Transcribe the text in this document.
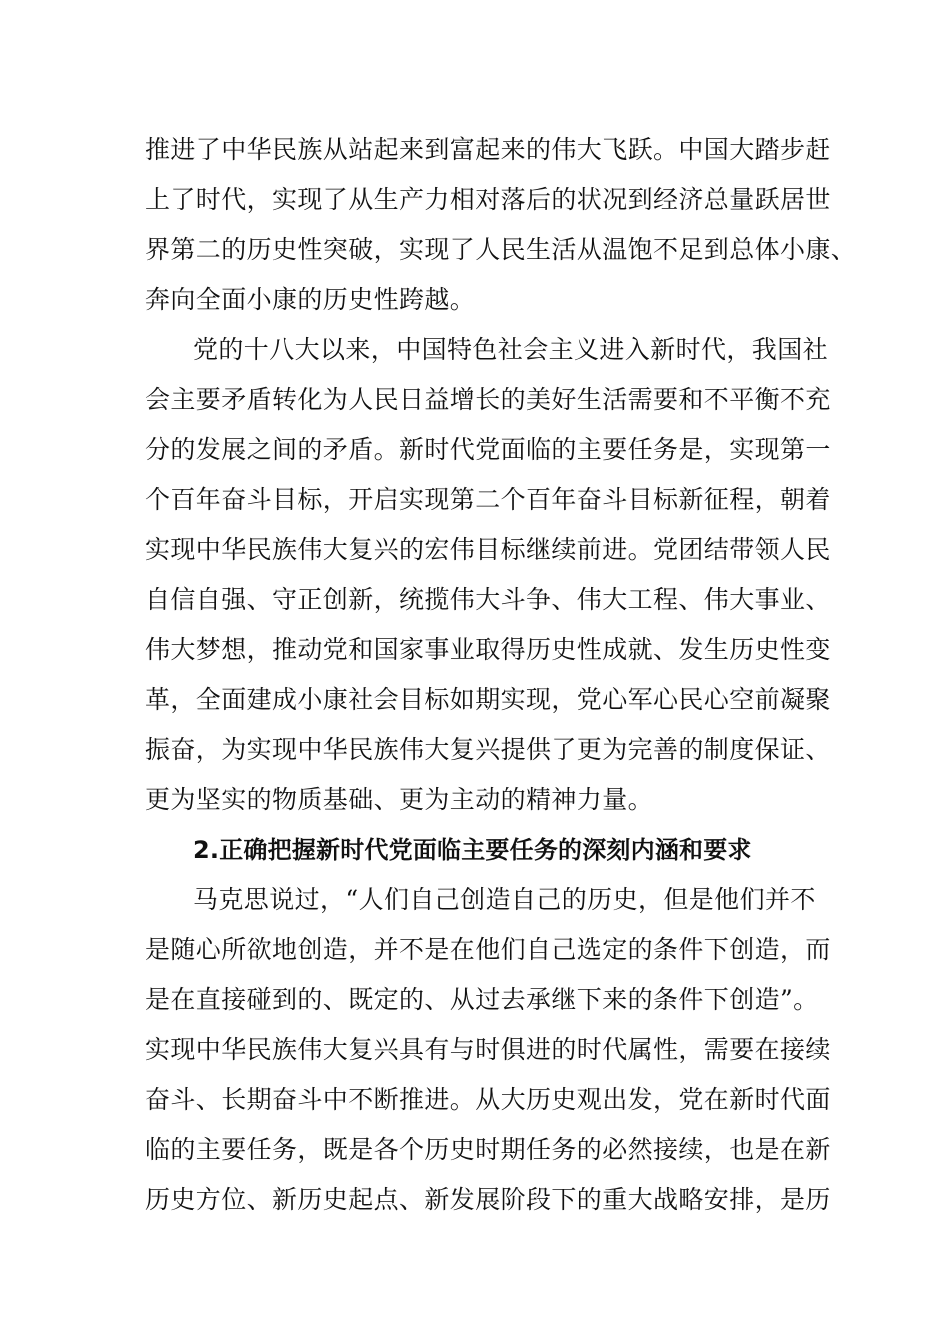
推进了中华民族从站起来到富起来的伟大飞跃。中国大踏步赶
上了时代，实现了从生产力相对落后的状况到经济总量跃居世
界第二的历史性突破，实现了人民生活从温饱不足到总体小康、
奔向全面小康的历史性跨越。
党的十八大以来，中国特色社会主义进入新时代，我国社
会主要矛盾转化为人民日益增长的美好生活需要和不平衡不充
分的发展之间的矛盾。新时代党面临的主要任务是，实现第一
个百年奋斗目标，开启实现第二个百年奋斗目标新征程，朝着
实现中华民族伟大复兴的宏伟目标继续前进。党团结带领人民
自信自强、守正创新，统揽伟大斗争、伟大工程、伟大事业、
伟大梦想，推动党和国家事业取得历史性成就、发生历史性变
革，全面建成小康社会目标如期实现，党心军心民心空前凝聚
振奋，为实现中华民族伟大复兴提供了更为完善的制度保证、
更为坚实的物质基础、更为主动的精神力量。
2.正确把握新时代党面临主要任务的深刻内涵和要求
马克思说过，“人们自己创造自己的历史，但是他们并不
是随心所欲地创造，并不是在他们自己选定的条件下创造，而
是在直接碰到的、既定的、从过去承继下来的条件下创造”。
实现中华民族伟大复兴具有与时俱进的时代属性，需要在接续
奋斗、长期奋斗中不断推进。从大历史观出发，党在新时代面
临的主要任务，既是各个历史时期任务的必然接续，也是在新
历史方位、新历史起点、新发展阶段下的重大战略安排，是历
